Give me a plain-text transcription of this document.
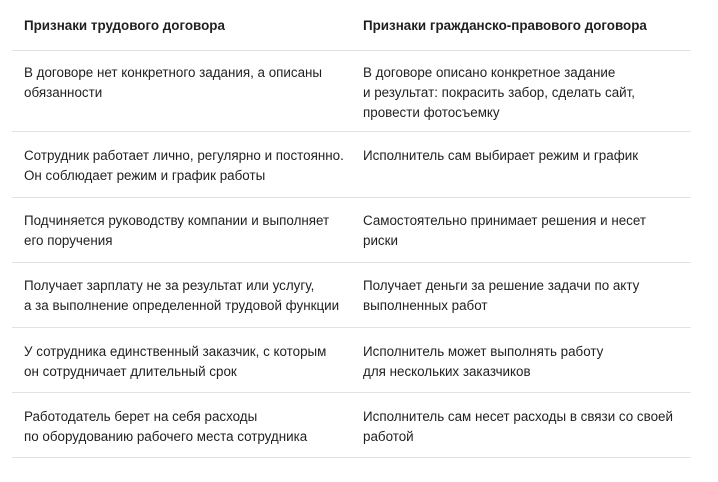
Признаки трудового договора	Признаки гражданско-правового договора
В договоре нет конкретного задания, а описаны
обязанности
В договоре описано конкретное задание
и результат: покрасить забор, сделать сайт,
провести фотосъемку
Сотрудник работает лично, регулярно и постоянно.
Он соблюдает режим и график работы
Исполнитель сам выбирает режим и график
Подчиняется руководству компании и выполняет
его поручения
Самостоятельно принимает решения и несет
риски
Получает зарплату не за результат или услугу,
а за выполнение определенной трудовой функции
Получает деньги за решение задачи по акту
выполненных работ
У сотрудника единственный заказчик, с которым
он сотрудничает длительный срок
Исполнитель может выполнять работу
для нескольких заказчиков
Работодатель берет на себя расходы
по оборудованию рабочего места сотрудника
Исполнитель сам несет расходы в связи со своей
работой
